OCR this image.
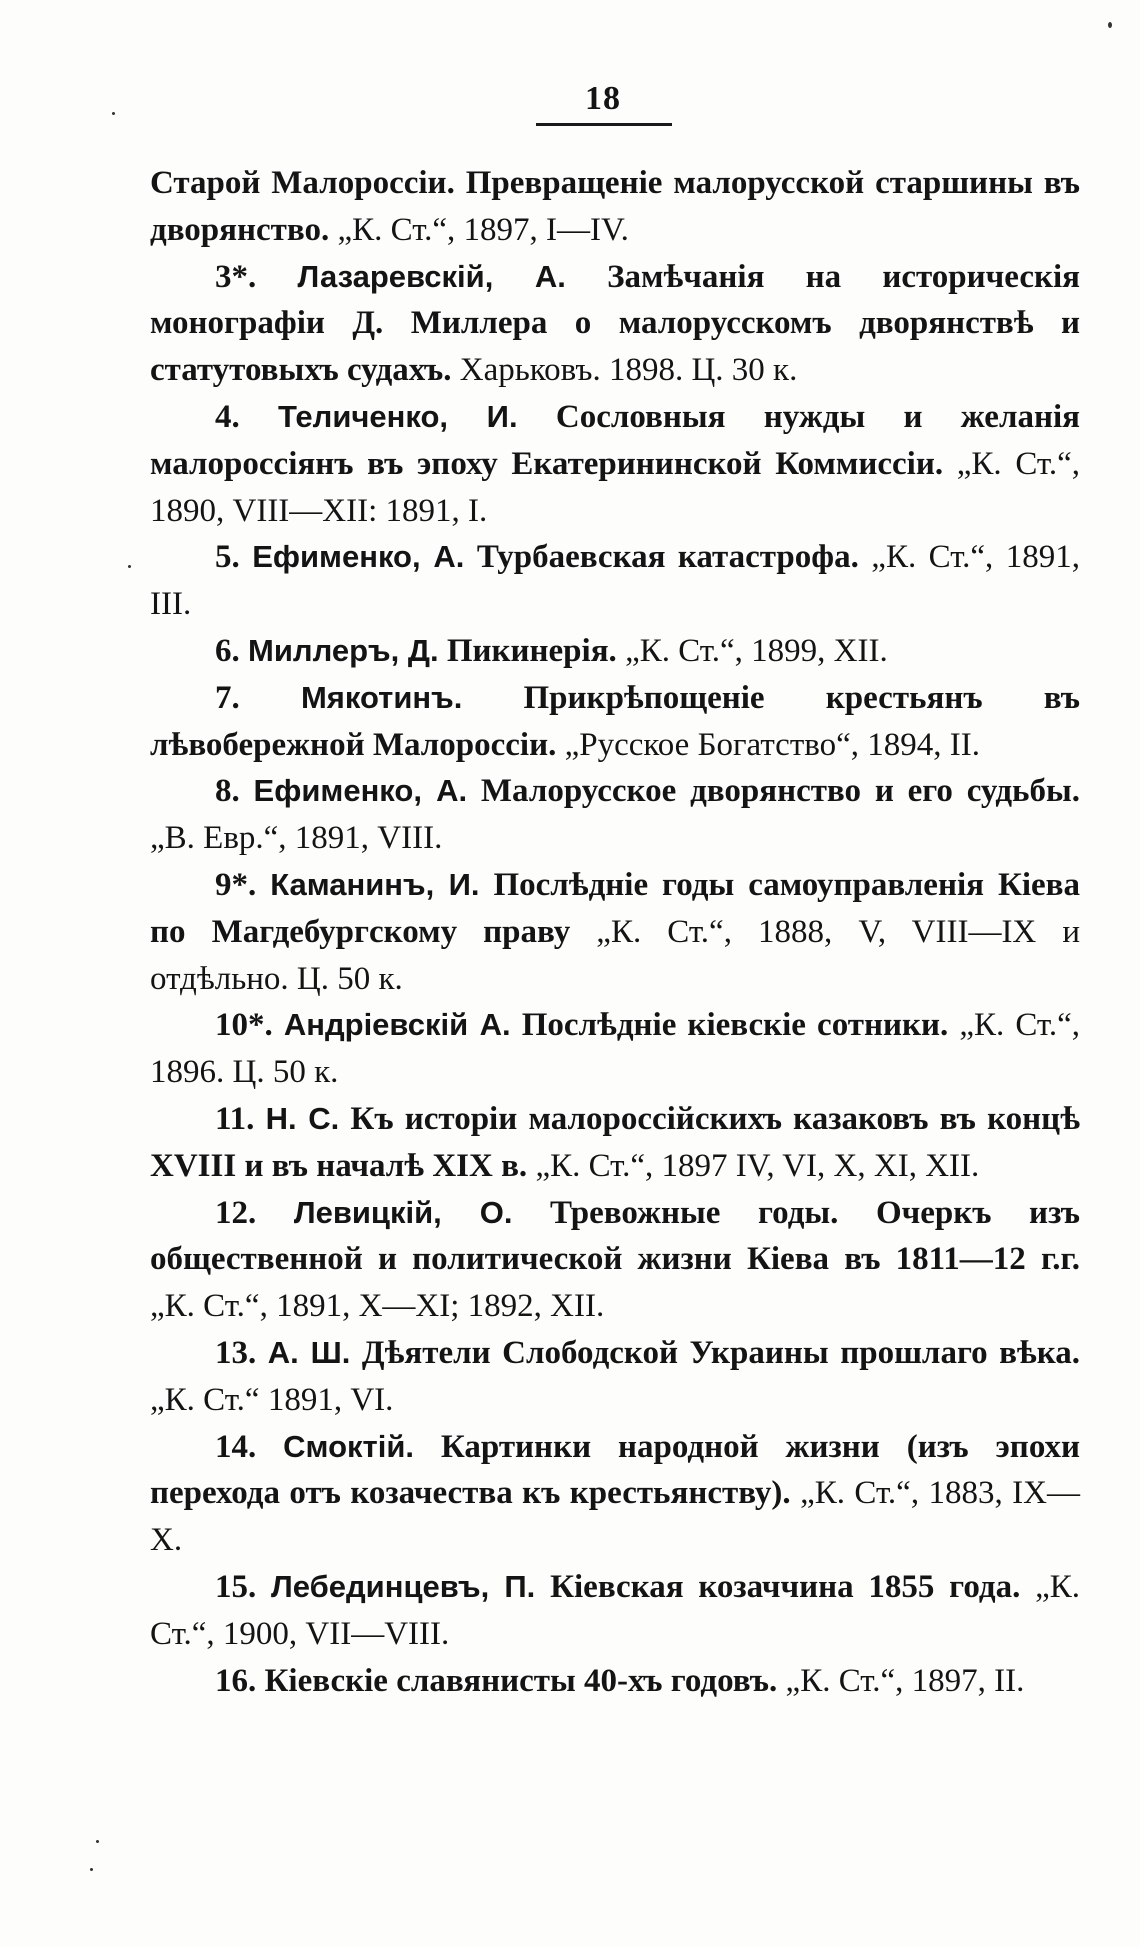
18

Старой Малороссіи. Превращеніе малорусской старшины въ дворянство. „К. Ст.“, 1897, I—IV.

3*. Лазаревскій, А. Замѣчанія на историческія монографіи Д. Миллера о малорусскомъ дворянствѣ и статутовыхъ судахъ. Харьковъ. 1898. Ц. 30 к.

4. Теличенко, И. Сословныя нужды и желанія малороссіянъ въ эпоху Екатерининской Коммиссіи. „К. Ст.“, 1890, VIII—XII: 1891, I.

5. Ефименко, А. Турбаевская катастрофа. „К. Ст.“, 1891, III.

6. Миллеръ, Д. Пикинерія. „К. Ст.“, 1899, XII.

7. Мякотинъ. Прикрѣпощеніе крестьянъ въ лѣвобережной Малороссіи. „Русское Богатство“, 1894, II.

8. Ефименко, А. Малорусское дворянство и его судьбы. „В. Евр.“, 1891, VIII.

9*. Каманинъ, И. Послѣдніе годы самоуправленія Кіева по Магдебургскому праву „К. Ст.“, 1888, V, VIII—IX и отдѣльно. Ц. 50 к.

10*. Андріевскій А. Послѣдніе кіевскіе сотники. „К. Ст.“, 1896. Ц. 50 к.

11. Н. С. Къ исторіи малороссійскихъ казаковъ въ концѣ XVIII и въ началѣ XIX в. „К. Ст.“, 1897 IV, VI, X, XI, XII.

12. Левицкій, О. Тревожные годы. Очеркъ изъ общественной и политической жизни Кіева въ 1811—12 г.г. „К. Ст.“, 1891, X—XI; 1892, XII.

13. А. Ш. Дѣятели Слободской Украины прошлаго вѣка. „К. Ст.“ 1891, VI.

14. Смоктій. Картинки народной жизни (изъ эпохи перехода отъ козачества къ крестьянству). „К. Ст.“, 1883, IX—X.

15. Лебединцевъ, П. Кіевская козаччина 1855 года. „К. Ст.“, 1900, VII—VIII.

16. Кіевскіе славянисты 40-хъ годовъ. „К. Ст.“, 1897, II.
